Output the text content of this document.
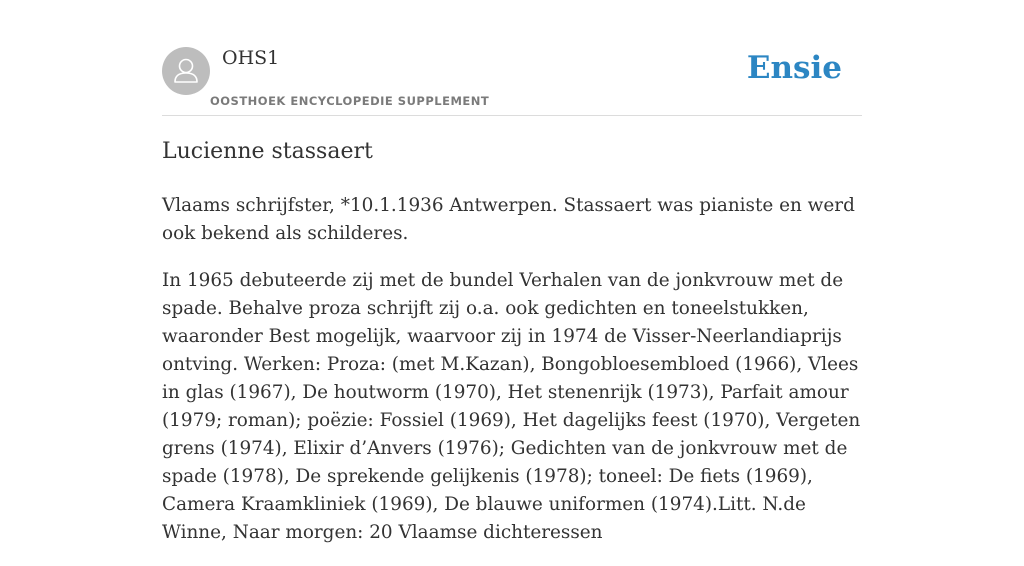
OHS1
OOSTHOEK ENCYCLOPEDIE SUPPLEMENT
Ensie
Lucienne stassaert

Vlaams schrijfster, *10.1.1936 Antwerpen. Stassaert was pianiste en werd ook bekend als schilderes.

In 1965 debuteerde zij met de bundel Verhalen van de jonkvrouw met de spade. Behalve proza schrijft zij o.a. ook gedichten en toneelstukken, waaronder Best mogelijk, waarvoor zij in 1974 de Visser-Neerlandiaprijs ontving. Werken: Proza: (met M.Kazan), Bongobloesembloed (1966), Vlees in glas (1967), De houtworm (1970), Het stenenrijk (1973), Parfait amour (1979; roman); poëzie: Fossiel (1969), Het dagelijks feest (1970), Vergeten grens (1974), Elixir d’Anvers (1976); Gedichten van de jonkvrouw met de spade (1978), De sprekende gelijkenis (1978); toneel: De fiets (1969), Camera Kraamkliniek (1969), De blauwe uniformen (1974).Litt. N.de Winne, Naar morgen: 20 Vlaamse dichteressen
